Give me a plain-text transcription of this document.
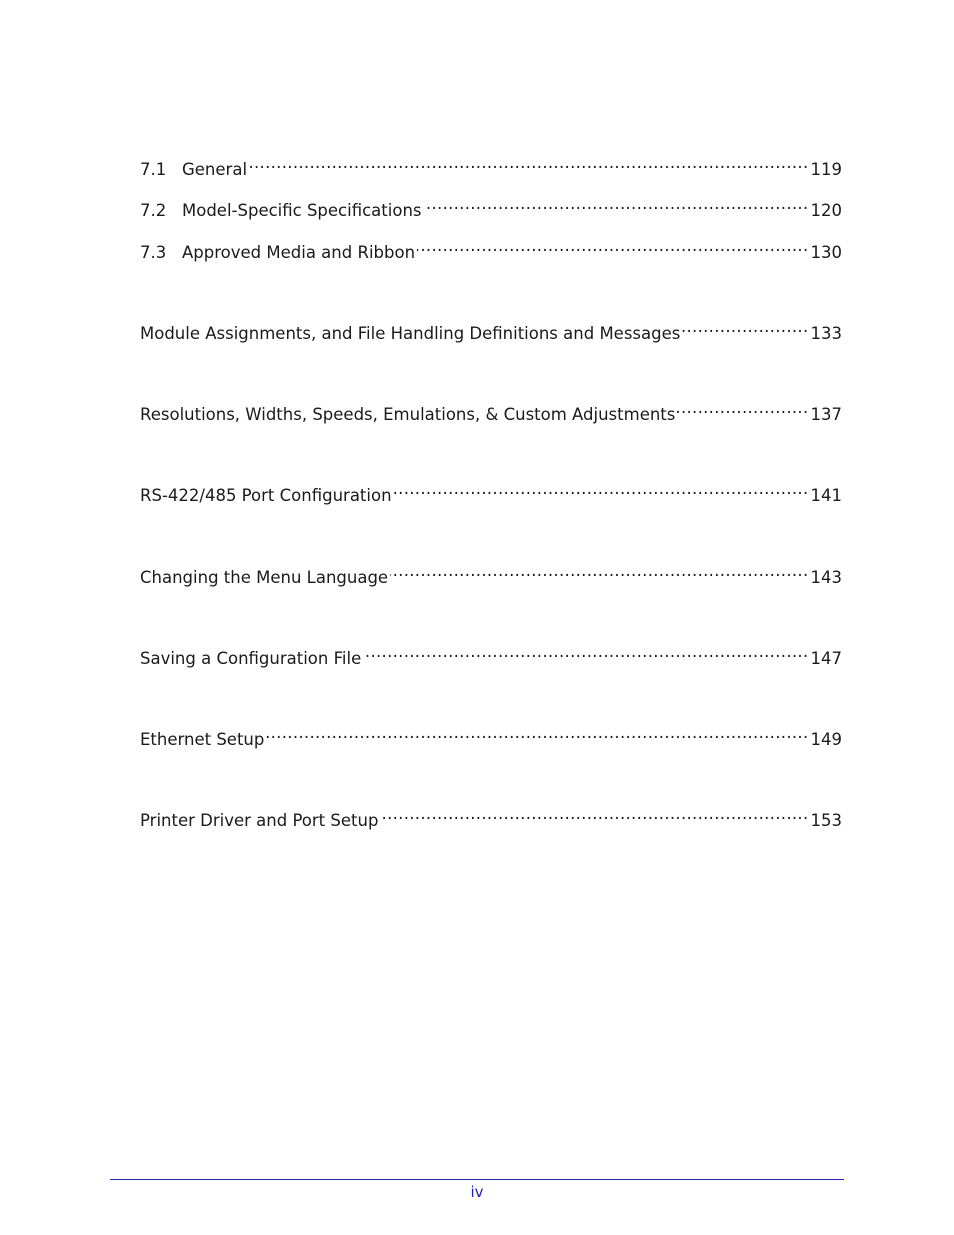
7.1 General .....	119
7.2 Model-Specific Specifications .....	120
7.3 Approved Media and Ribbon .....	130
Module Assignments, and File Handling Definitions and Messages .....	133
Resolutions, Widths, Speeds, Emulations, & Custom Adjustments .....	137
RS-422/485 Port Configuration .....	141
Changing the Menu Language .....	143
Saving a Configuration File .....	147
Ethernet Setup .....	149
Printer Driver and Port Setup .....	153
iv
